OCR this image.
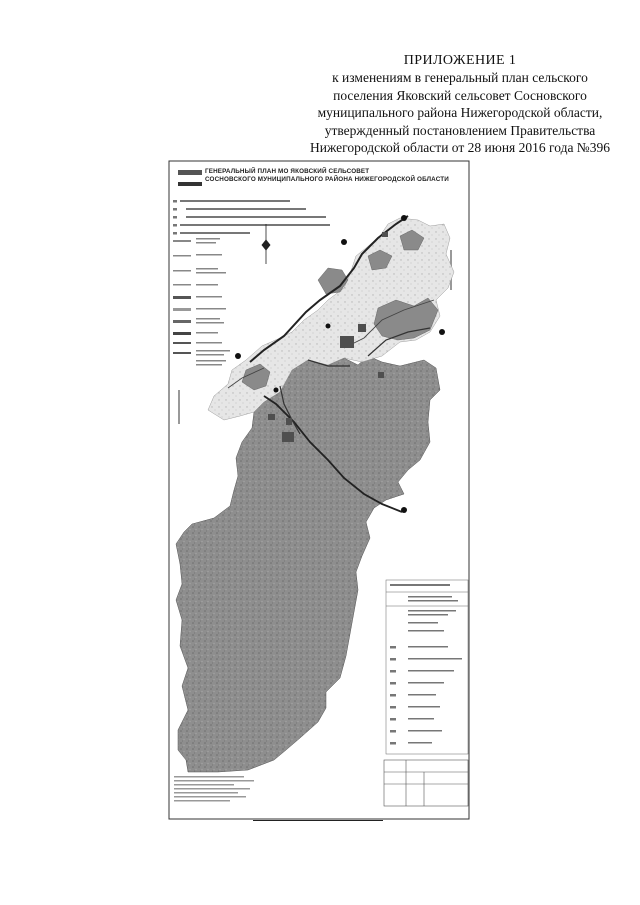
ПРИЛОЖЕНИЕ 1
к изменениям в генеральный план сельского
поселения Яковский сельсовет Сосновского
муниципального района Нижегородской области,
утвержденный постановлением Правительства
Нижегородской области от 28 июня 2016 года №396
ГЕНЕРАЛЬНЫЙ ПЛАН МО ЯКОВСКИЙ СЕЛЬСОВЕТ
СОСНОВСКОГО МУНИЦИПАЛЬНОГО РАЙОНА НИЖЕГОРОДСКОЙ ОБЛАСТИ
